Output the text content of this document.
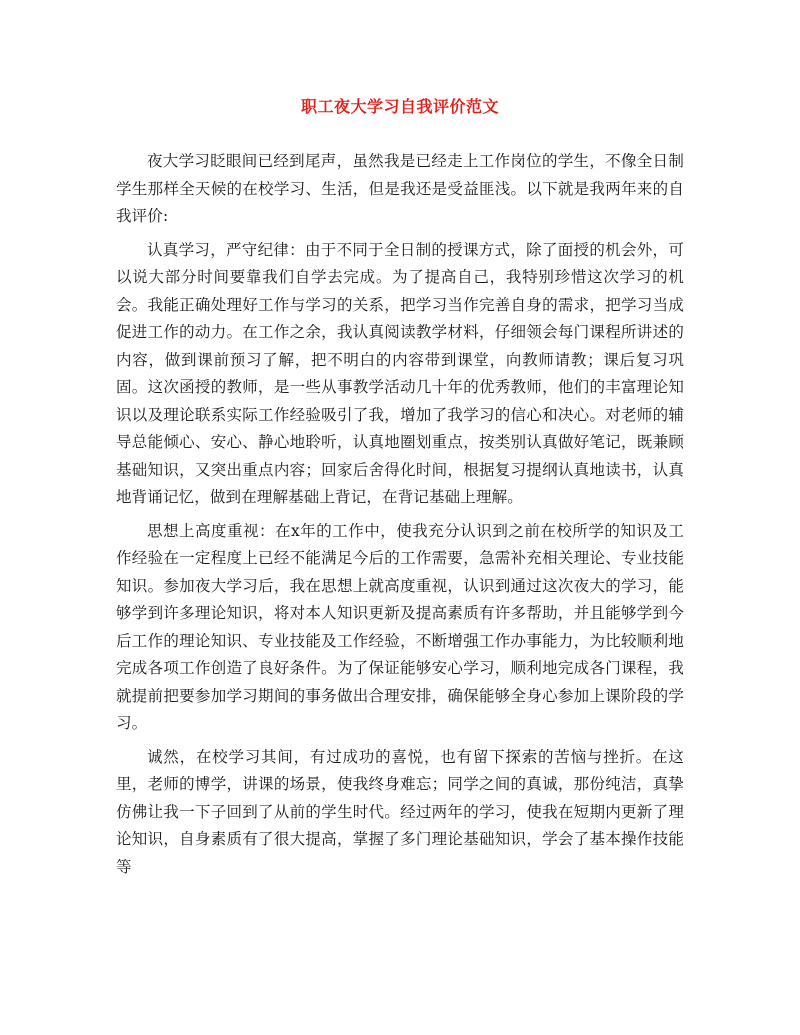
职工夜大学习自我评价范文

夜大学习眨眼间已经到尾声，虽然我是已经走上工作岗位的学生，不像全日制学生那样全天候的在校学习、生活，但是我还是受益匪浅。以下就是我两年来的自我评价:

认真学习，严守纪律：由于不同于全日制的授课方式，除了面授的机会外，可以说大部分时间要靠我们自学去完成。为了提高自己，我特别珍惜这次学习的机会。我能正确处理好工作与学习的关系，把学习当作完善自身的需求，把学习当成促进工作的动力。在工作之余，我认真阅读教学材料，仔细领会每门课程所讲述的内容，做到课前预习了解，把不明白的内容带到课堂，向教师请教；课后复习巩固。这次函授的教师，是一些从事教学活动几十年的优秀教师，他们的丰富理论知识以及理论联系实际工作经验吸引了我，增加了我学习的信心和决心。对老师的辅导总能倾心、安心、静心地聆听，认真地圈划重点，按类别认真做好笔记，既兼顾基础知识，又突出重点内容；回家后舍得化时间，根据复习提纲认真地读书，认真地背诵记忆，做到在理解基础上背记，在背记基础上理解。

思想上高度重视：在x年的工作中，使我充分认识到之前在校所学的知识及工作经验在一定程度上已经不能满足今后的工作需要，急需补充相关理论、专业技能知识。参加夜大学习后，我在思想上就高度重视，认识到通过这次夜大的学习，能够学到许多理论知识，将对本人知识更新及提高素质有许多帮助，并且能够学到今后工作的理论知识、专业技能及工作经验，不断增强工作办事能力，为比较顺利地完成各项工作创造了良好条件。为了保证能够安心学习，顺利地完成各门课程，我就提前把要参加学习期间的事务做出合理安排，确保能够全身心参加上课阶段的学习。

诚然，在校学习其间，有过成功的喜悦，也有留下探索的苦恼与挫折。在这里，老师的博学，讲课的场景，使我终身难忘；同学之间的真诚，那份纯洁，真挚仿佛让我一下子回到了从前的学生时代。经过两年的学习，使我在短期内更新了理论知识，自身素质有了很大提高，掌握了多门理论基础知识，学会了基本操作技能等
